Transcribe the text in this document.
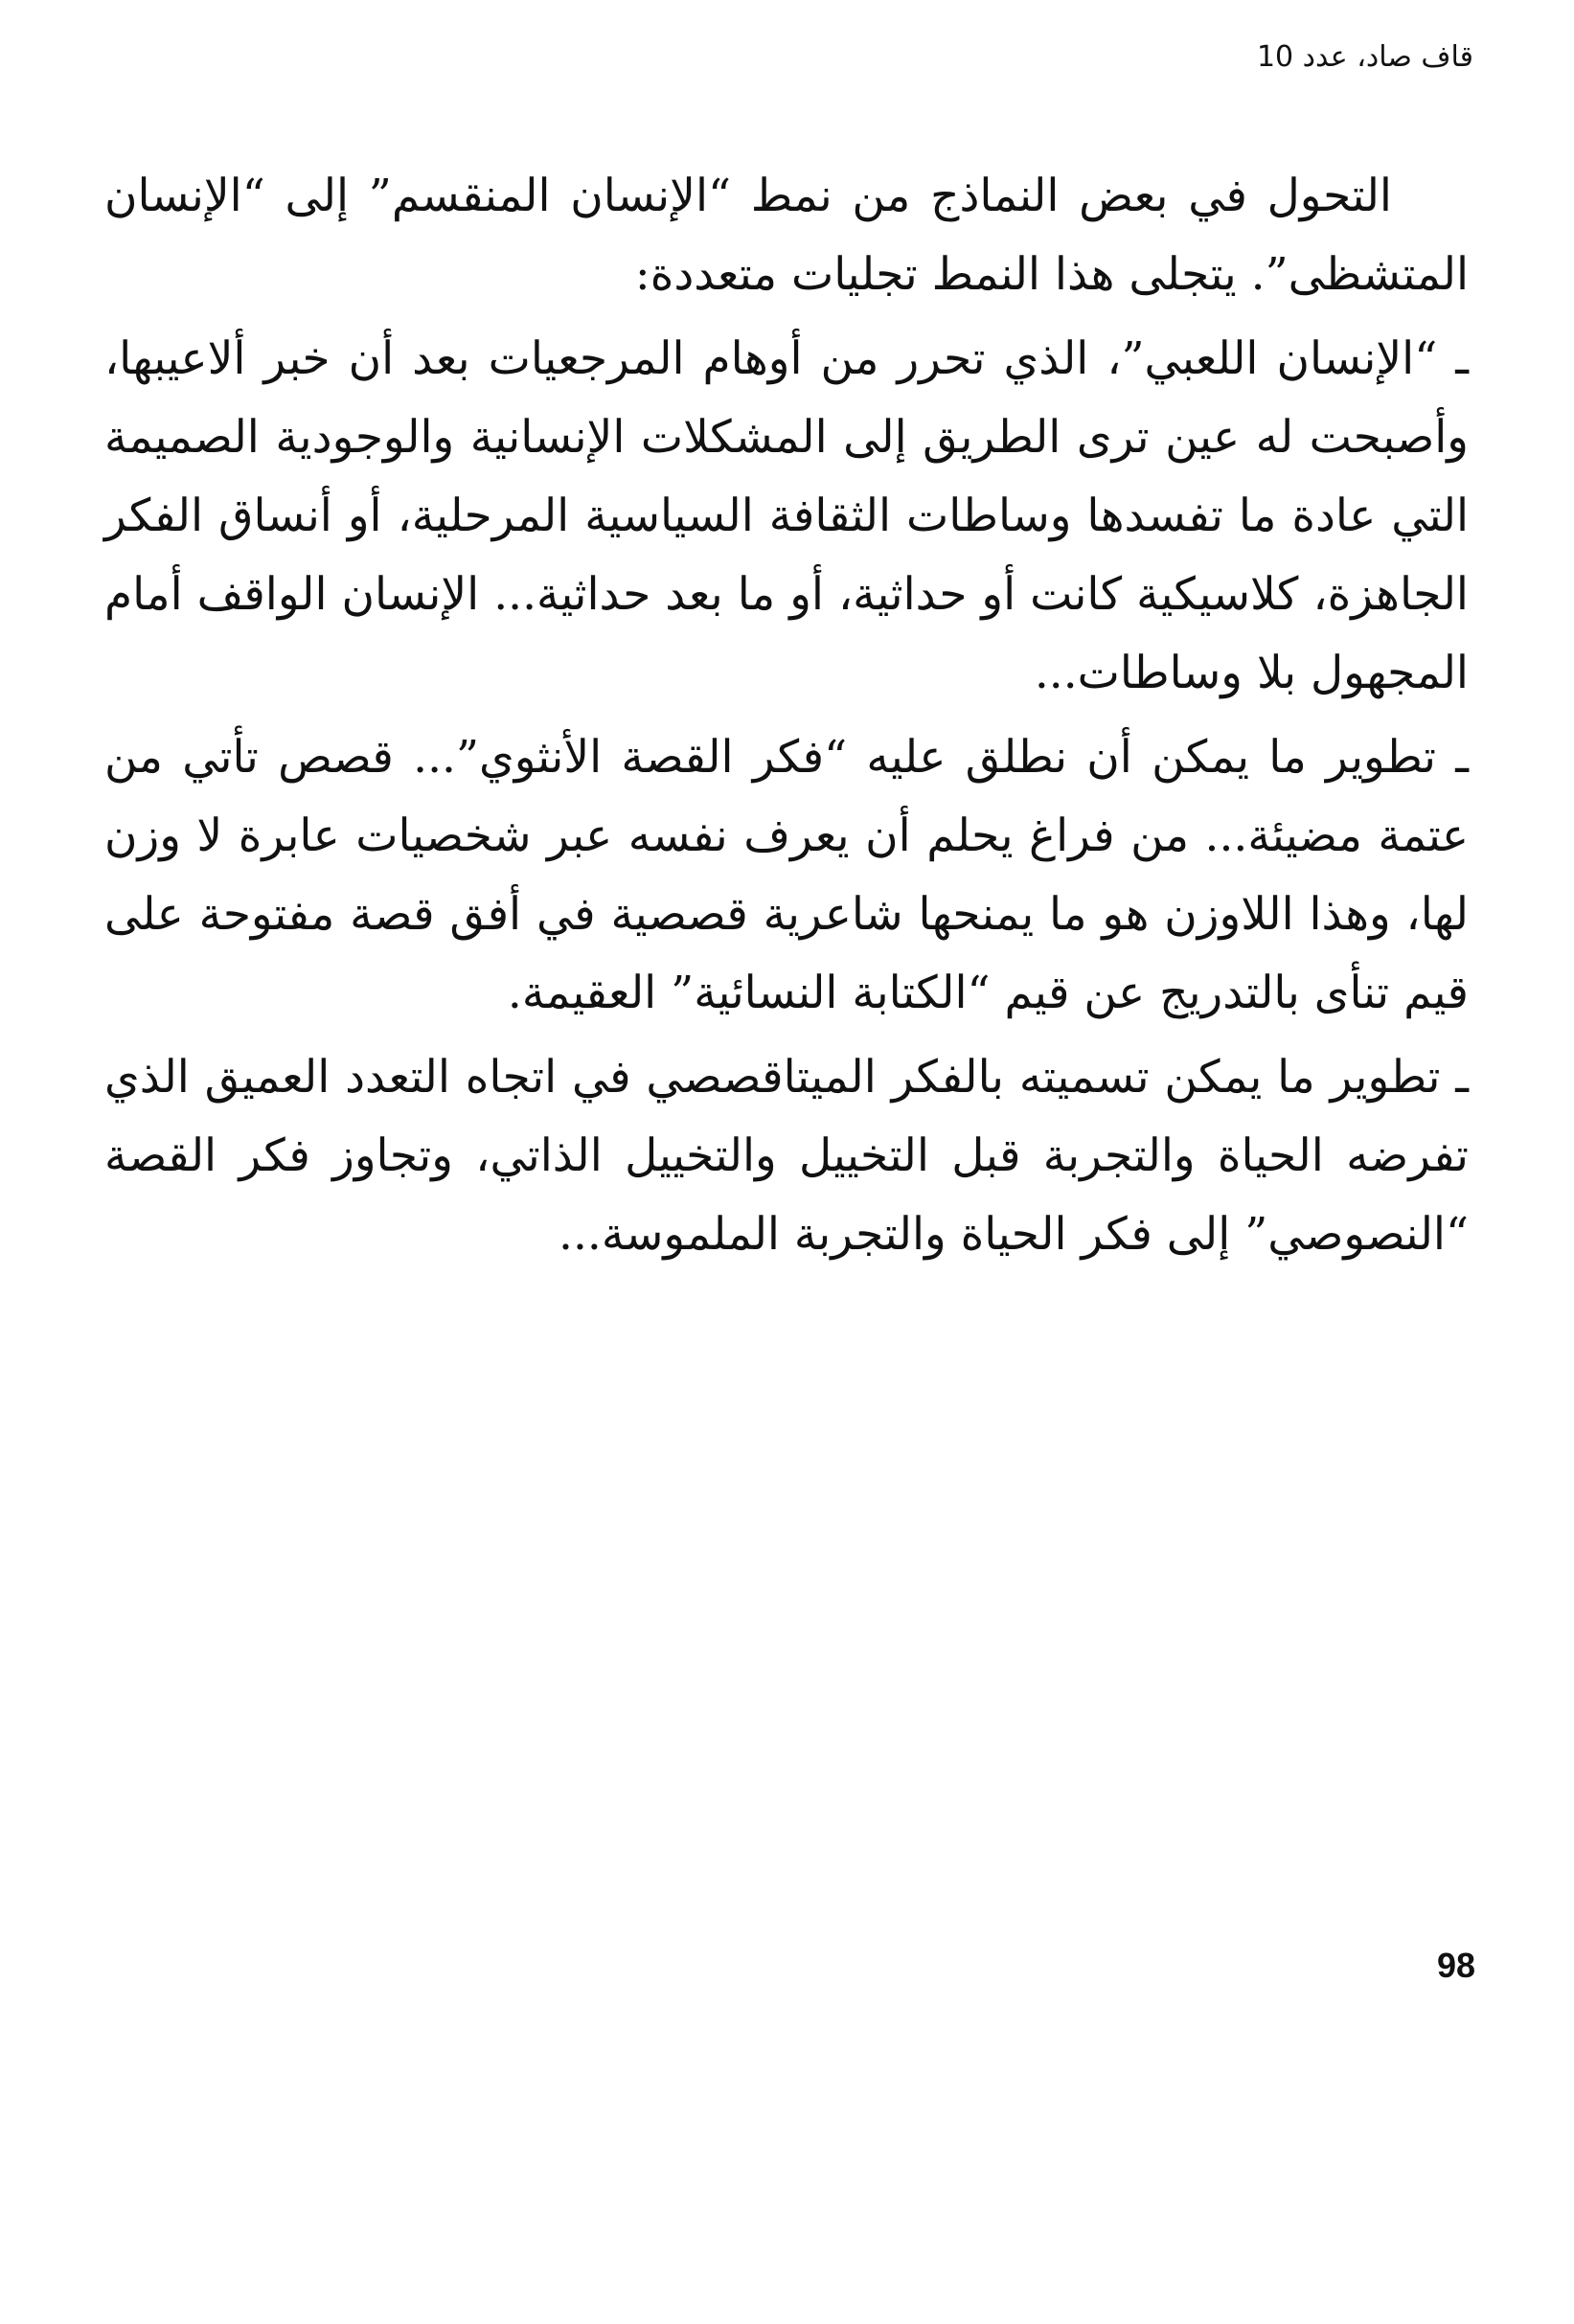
قاف صاد، عدد 10

التحول في بعض النماذج من نمط “الإنسان المنقسم” إلى “الإنسان المتشظى”. يتجلى هذا النمط تجليات متعددة:

ـ “الإنسان اللعبي”، الذي تحرر من أوهام المرجعيات بعد أن خبر ألاعيبها، وأصبحت له عين ترى الطريق إلى المشكلات الإنسانية والوجودية الصميمة التي عادة ما تفسدها وساطات الثقافة السياسية المرحلية، أو أنساق الفكر الجاهزة، كلاسيكية كانت أو حداثية، أو ما بعد حداثية... الإنسان الواقف أمام المجهول بلا وساطات...

ـ تطوير ما يمكن أن نطلق عليه “فكر القصة الأنثوي”... قصص تأتي من عتمة مضيئة... من فراغ يحلم أن يعرف نفسه عبر شخصيات عابرة لا وزن لها، وهذا اللاوزن هو ما يمنحها شاعرية قصصية في أفق قصة مفتوحة على قيم تنأى بالتدريج عن قيم “الكتابة النسائية” العقيمة.

ـ تطوير ما يمكن تسميته بالفكر الميتاقصصي في اتجاه التعدد العميق الذي تفرضه الحياة والتجربة قبل التخييل والتخييل الذاتي، وتجاوز فكر القصة “النصوصي” إلى فكر الحياة والتجربة الملموسة...

98
